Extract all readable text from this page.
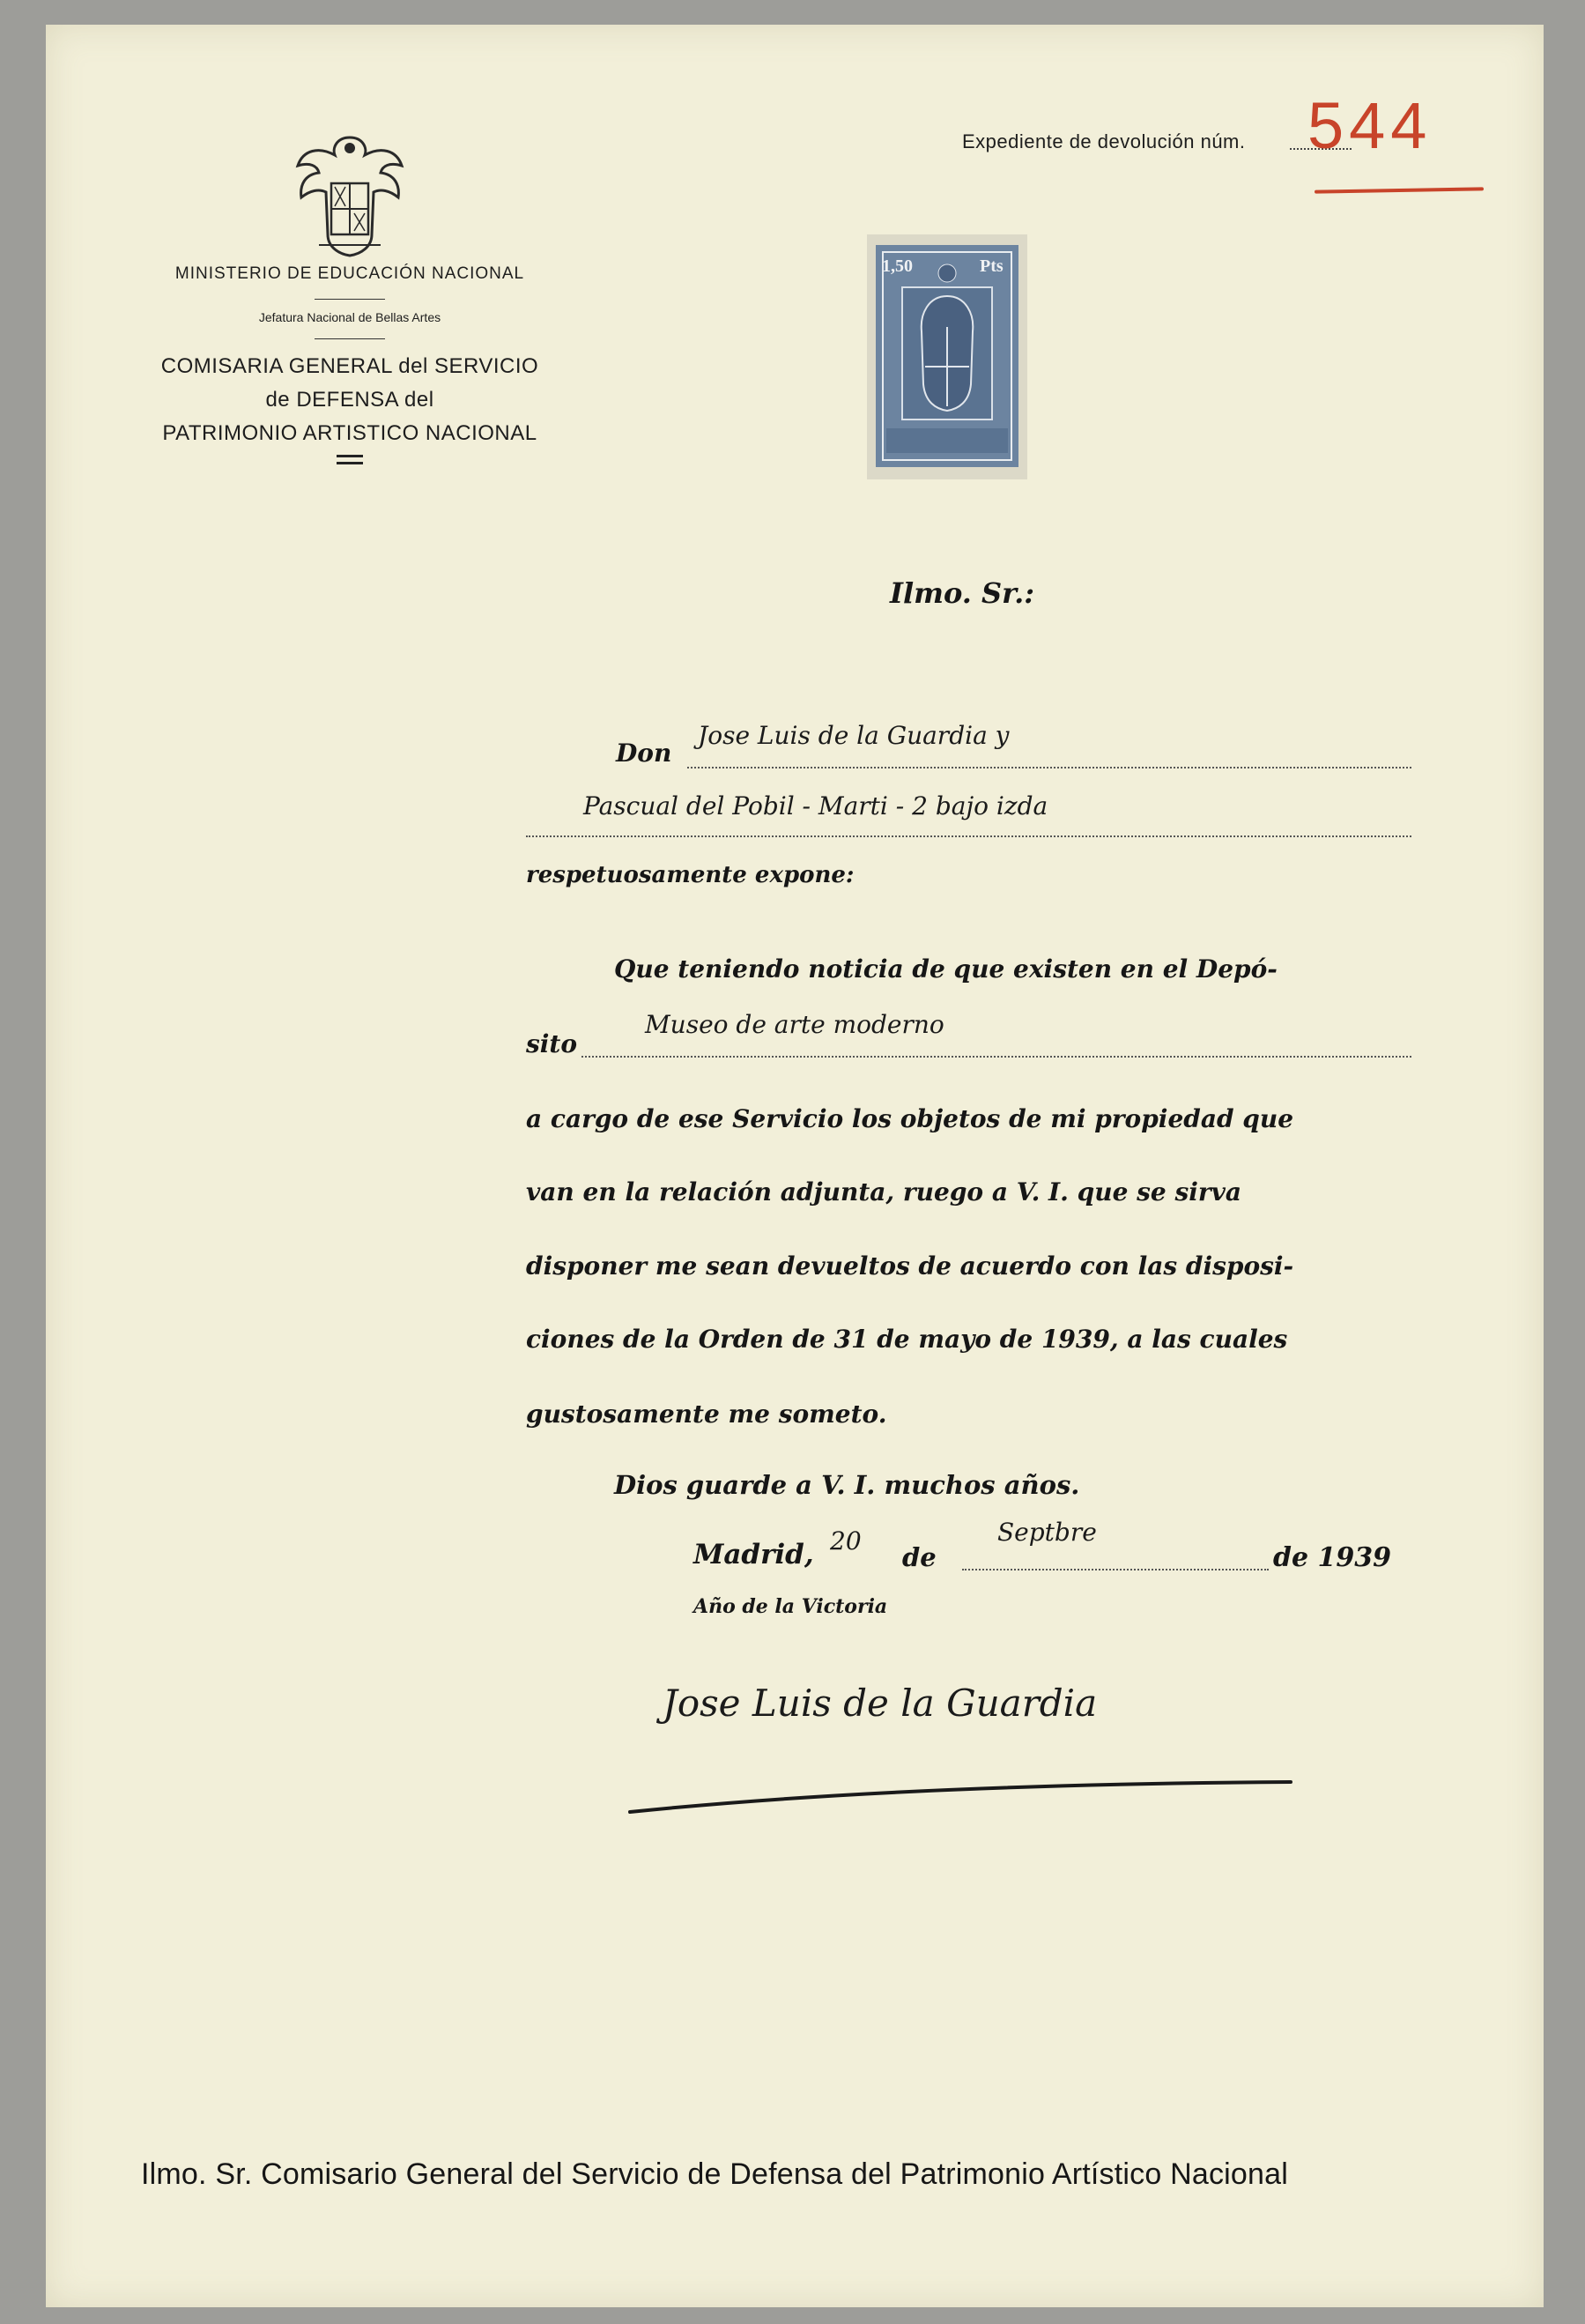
MINISTERIO DE EDUCACIÓN NACIONAL
Jefatura Nacional de Bellas Artes
COMISARIA GENERAL del SERVICIO
de DEFENSA del
PATRIMONIO ARTISTICO NACIONAL
Expediente de devolución núm. 544
1,50	Pts
Ilmo. Sr.:
Don
Jose Luis de la Guardia y
Pascual del Pobil - Marti - 2 bajo izda
respetuosamente expone:
Que teniendo noticia de que existen en el Depó-
sito
Museo de arte moderno
a cargo de ese Servicio los objetos de mi propiedad que
van en la relación adjunta, ruego a V. I. que se sirva
disponer me sean devueltos de acuerdo con las disposi-
ciones de la Orden de 31 de mayo de 1939, a las cuales
gustosamente me someto.
Dios guarde a V. I. muchos años.
Madrid, 20
de
Septbre
de 1939
Año de la Victoria
Jose Luis de la Guardia
Ilmo. Sr. Comisario General del Servicio de Defensa del Patrimonio Artístico Nacional
